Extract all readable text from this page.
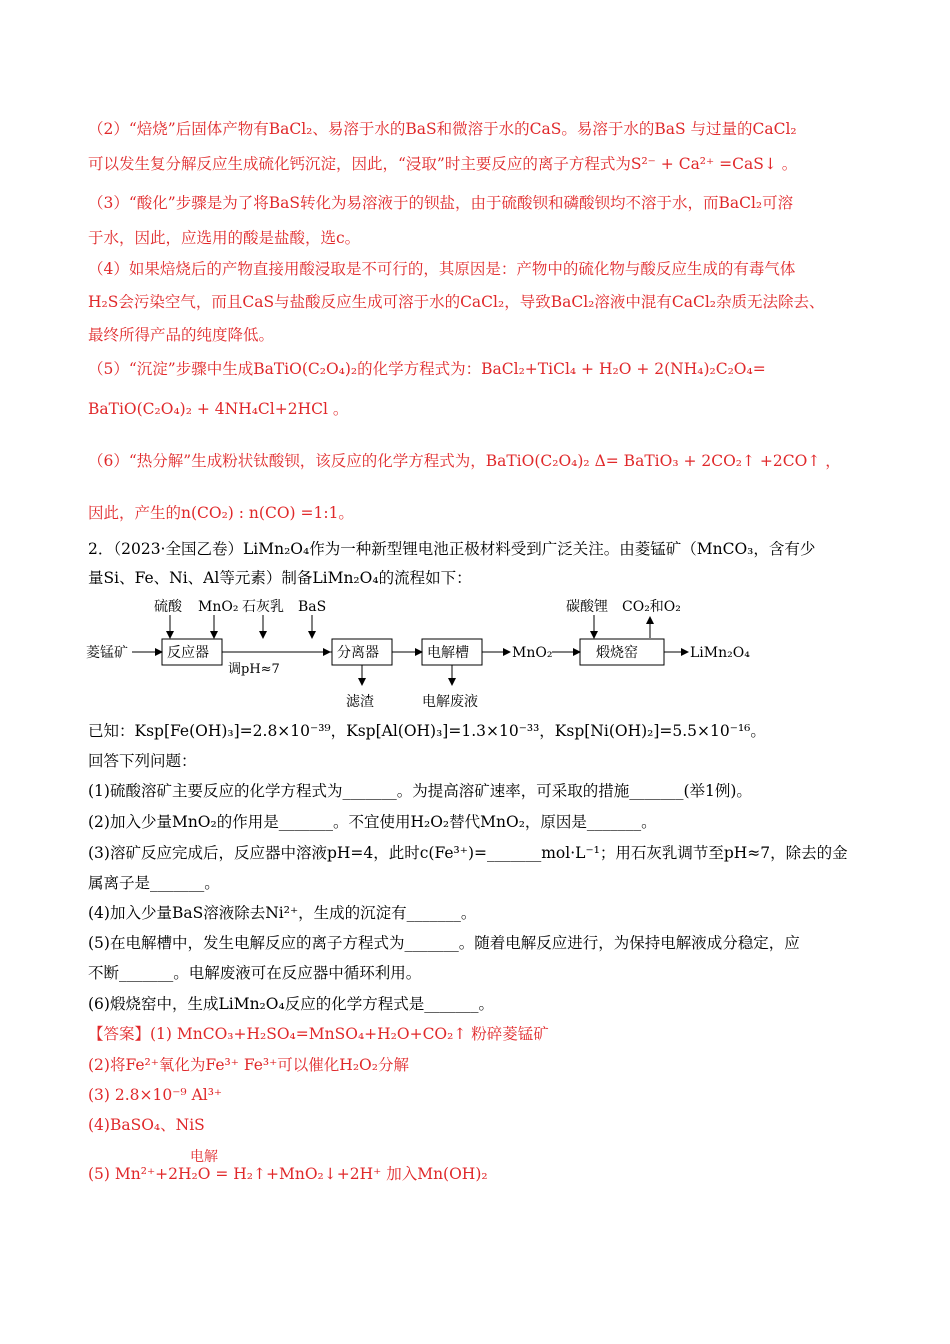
（2）“焙烧”后固体产物有BaCl₂、易溶于水的BaS和微溶于水的CaS。易溶于水的BaS 与过量的CaCl₂
可以发生复分解反应生成硫化钙沉淀，因此，“浸取”时主要反应的离子方程式为S²⁻ + Ca²⁺ =CaS↓ 。
（3）“酸化”步骤是为了将BaS转化为易溶液于的钡盐，由于硫酸钡和磷酸钡均不溶于水，而BaCl₂可溶
于水，因此，应选用的酸是盐酸，选c。
（4）如果焙烧后的产物直接用酸浸取是不可行的，其原因是：产物中的硫化物与酸反应生成的有毒气体
H₂S会污染空气，而且CaS与盐酸反应生成可溶于水的CaCl₂，导致BaCl₂溶液中混有CaCl₂杂质无法除去、
最终所得产品的纯度降低。
（5）“沉淀”步骤中生成BaTiO(C₂O₄)₂的化学方程式为：BaCl₂+TiCl₄ + H₂O + 2(NH₄)₂C₂O₄=
BaTiO(C₂O₄)₂ + 4NH₄Cl+2HCl 。
（6）“热分解”生成粉状钛酸钡，该反应的化学方程式为，BaTiO(C₂O₄)₂ Δ= BaTiO₃ + 2CO₂↑ +2CO↑ ，
因此，产生的n(CO₂) : n(CO) =1:1。
2．（2023·全国乙卷）LiMn₂O₄作为一种新型锂电池正极材料受到广泛关注。由菱锰矿（MnCO₃，含有少
量Si、Fe、Ni、Al等元素）制备LiMn₂O₄的流程如下：
菱锰矿	反应器
硫酸 MnO₂ 石灰乳 BaS
调pH≈7
分离器
滤渣
电解槽
电解废液
MnO₂	煅烧窑
碳酸锂 CO₂和O₂
LiMn₂O₄
已知：Ksp[Fe(OH)₃]=2.8×10⁻³⁹，Ksp[Al(OH)₃]=1.3×10⁻³³，Ksp[Ni(OH)₂]=5.5×10⁻¹⁶。
回答下列问题：
(1)硫酸溶矿主要反应的化学方程式为_______。为提高溶矿速率，可采取的措施_______(举1例)。
(2)加入少量MnO₂的作用是_______。不宜使用H₂O₂替代MnO₂，原因是_______。
(3)溶矿反应完成后，反应器中溶液pH=4，此时c(Fe³⁺)=_______mol·L⁻¹；用石灰乳调节至pH≈7，除去的金
属离子是_______。
(4)加入少量BaS溶液除去Ni²⁺，生成的沉淀有_______。
(5)在电解槽中，发生电解反应的离子方程式为_______。随着电解反应进行，为保持电解液成分稳定，应
不断_______。电解废液可在反应器中循环利用。
(6)煅烧窑中，生成LiMn₂O₄反应的化学方程式是_______。
【答案】(1) MnCO₃+H₂SO₄=MnSO₄+H₂O+CO₂↑ 粉碎菱锰矿
(2)将Fe²⁺氧化为Fe³⁺ Fe³⁺可以催化H₂O₂分解
(3) 2.8×10⁻⁹ Al³⁺
(4)BaSO₄、NiS
电解
(5) Mn²⁺+2H₂O = H₂↑+MnO₂↓+2H⁺ 加入Mn(OH)₂
